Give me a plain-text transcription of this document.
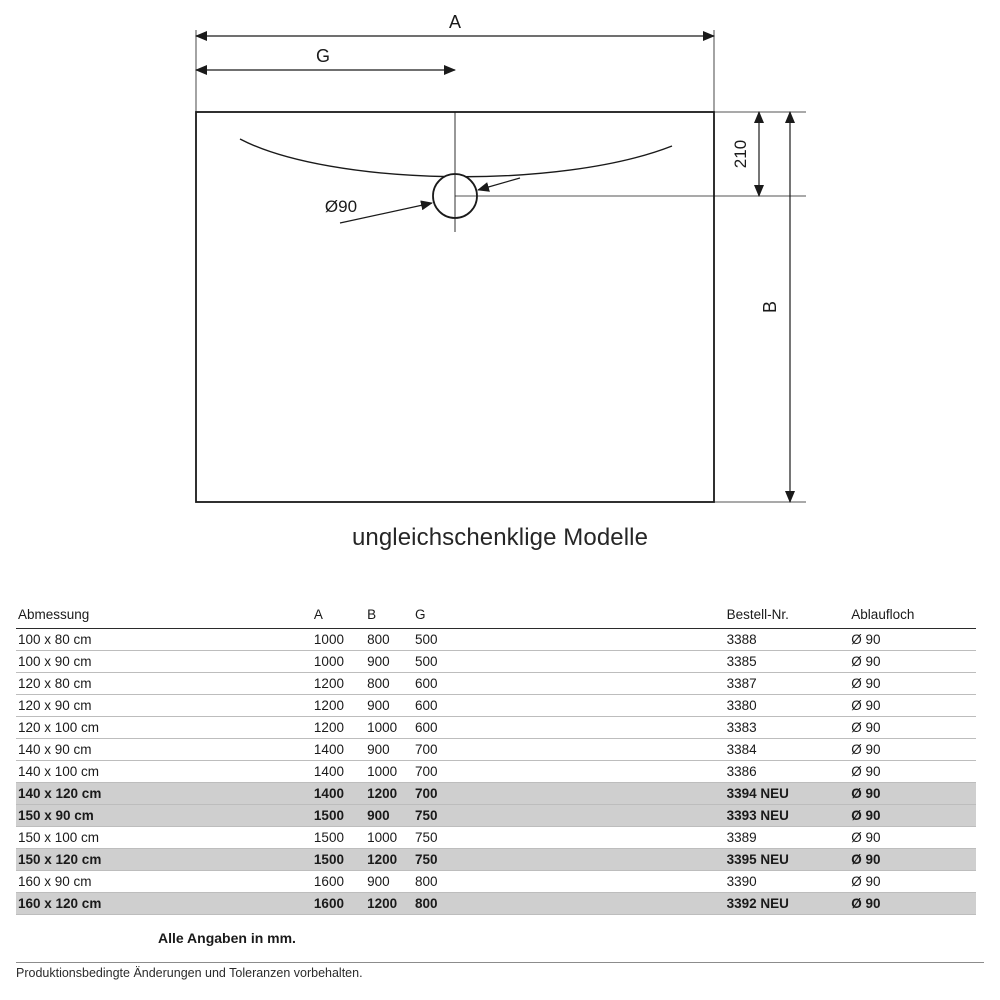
Ø90
A
G
210
B
ungleichschenklige Modelle
Abmessung	A	B	G	Bestell-Nr.	Ablaufloch
100 x 80 cm	1000	800	500	3388	Ø 90
100 x 90 cm	1000	900	500	3385	Ø 90
120 x 80 cm	1200	800	600	3387	Ø 90
120 x 90 cm	1200	900	600	3380	Ø 90
120 x 100 cm	1200	1000	600	3383	Ø 90
140 x 90 cm	1400	900	700	3384	Ø 90
140 x 100 cm	1400	1000	700	3386	Ø 90
140 x 120 cm	1400	1200	700	3394 NEU	Ø 90
150 x 90 cm	1500	900	750	3393 NEU	Ø 90
150 x 100 cm	1500	1000	750	3389	Ø 90
150 x 120 cm	1500	1200	750	3395 NEU	Ø 90
160 x 90 cm	1600	900	800	3390	Ø 90
160 x 120 cm	1600	1200	800	3392 NEU	Ø 90
Alle Angaben in mm.
Produktionsbedingte Änderungen und Toleranzen vorbehalten.
